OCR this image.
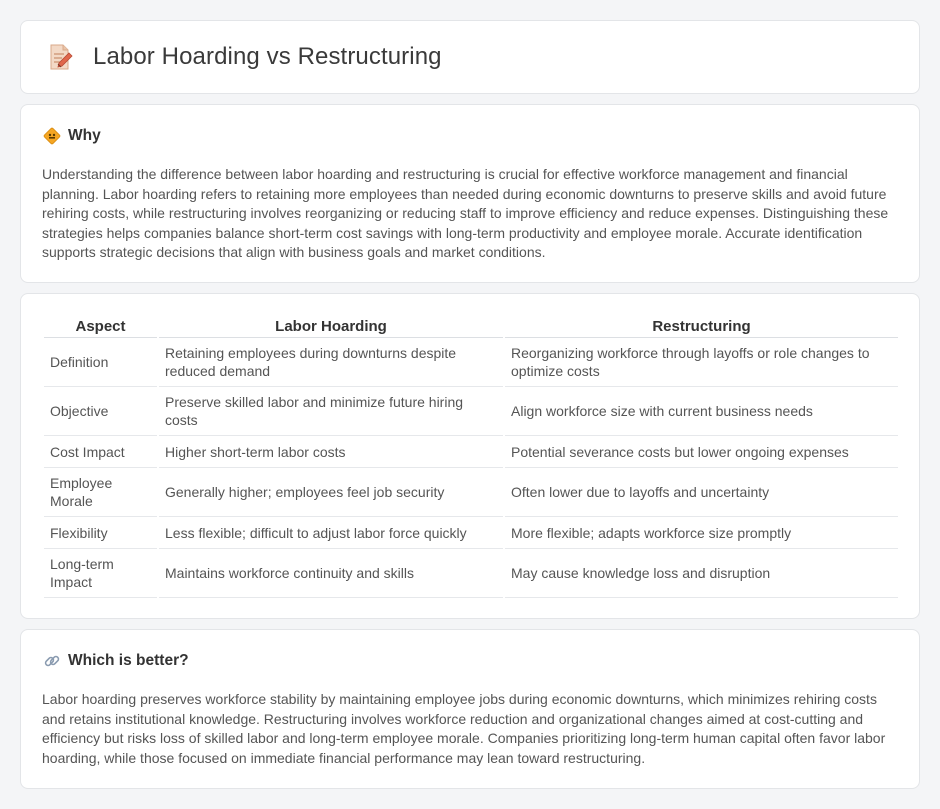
Labor Hoarding vs Restructuring
Why

Understanding the difference between labor hoarding and restructuring is crucial for effective workforce management and financial planning. Labor hoarding refers to retaining more employees than needed during economic downturns to preserve skills and avoid future rehiring costs, while restructuring involves reorganizing or reducing staff to improve efficiency and reduce expenses. Distinguishing these strategies helps companies balance short-term cost savings with long-term productivity and employee morale. Accurate identification supports strategic decisions that align with business goals and market conditions.

Aspect	Labor Hoarding	Restructuring
Definition	Retaining employees during downturns despite reduced demand	Reorganizing workforce through layoffs or role changes to optimize costs
Objective	Preserve skilled labor and minimize future hiring costs	Align workforce size with current business needs
Cost Impact	Higher short-term labor costs	Potential severance costs but lower ongoing expenses
Employee Morale	Generally higher; employees feel job security	Often lower due to layoffs and uncertainty
Flexibility	Less flexible; difficult to adjust labor force quickly	More flexible; adapts workforce size promptly
Long-term Impact	Maintains workforce continuity and skills	May cause knowledge loss and disruption
Which is better?

Labor hoarding preserves workforce stability by maintaining employee jobs during economic downturns, which minimizes rehiring costs and retains institutional knowledge. Restructuring involves workforce reduction and organizational changes aimed at cost-cutting and efficiency but risks loss of skilled labor and long-term employee morale. Companies prioritizing long-term human capital often favor labor hoarding, while those focused on immediate financial performance may lean toward restructuring.
